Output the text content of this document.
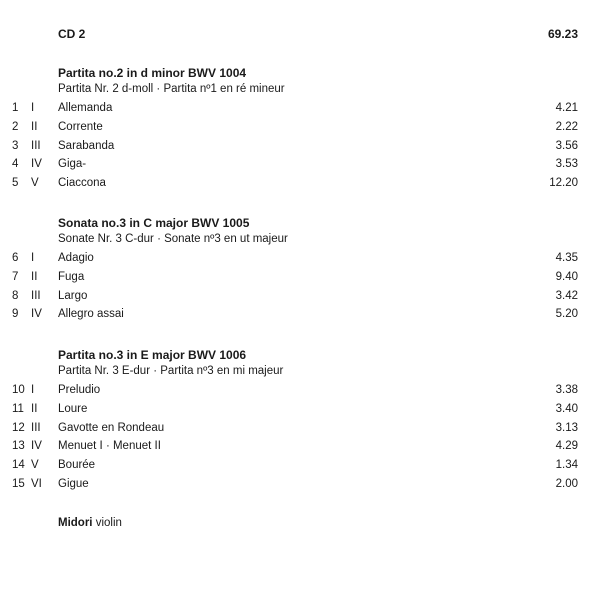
CD 2	69.23
Partita no.2 in d minor BWV 1004
Partita Nr. 2 d-moll · Partita nº1 en ré mineur
1 I Allemanda	4.21
2 II Corrente	2.22
3 III Sarabanda	3.56
4 IV Giga-	3.53
5 V Ciaccona	12.20
Sonata no.3 in C major BWV 1005
Sonate Nr. 3 C-dur · Sonate nº3 en ut majeur
6 I Adagio	4.35
7 II Fuga	9.40
8 III Largo	3.42
9 IV Allegro assai	5.20
Partita no.3 in E major BWV 1006
Partita Nr. 3 E-dur · Partita nº3 en mi majeur
10 I Preludio	3.38
11 II Loure	3.40
12 III Gavotte en Rondeau	3.13
13 IV Menuet I · Menuet II	4.29
14 V Bourée	1.34
15 VI Gigue	2.00
Midori violin
